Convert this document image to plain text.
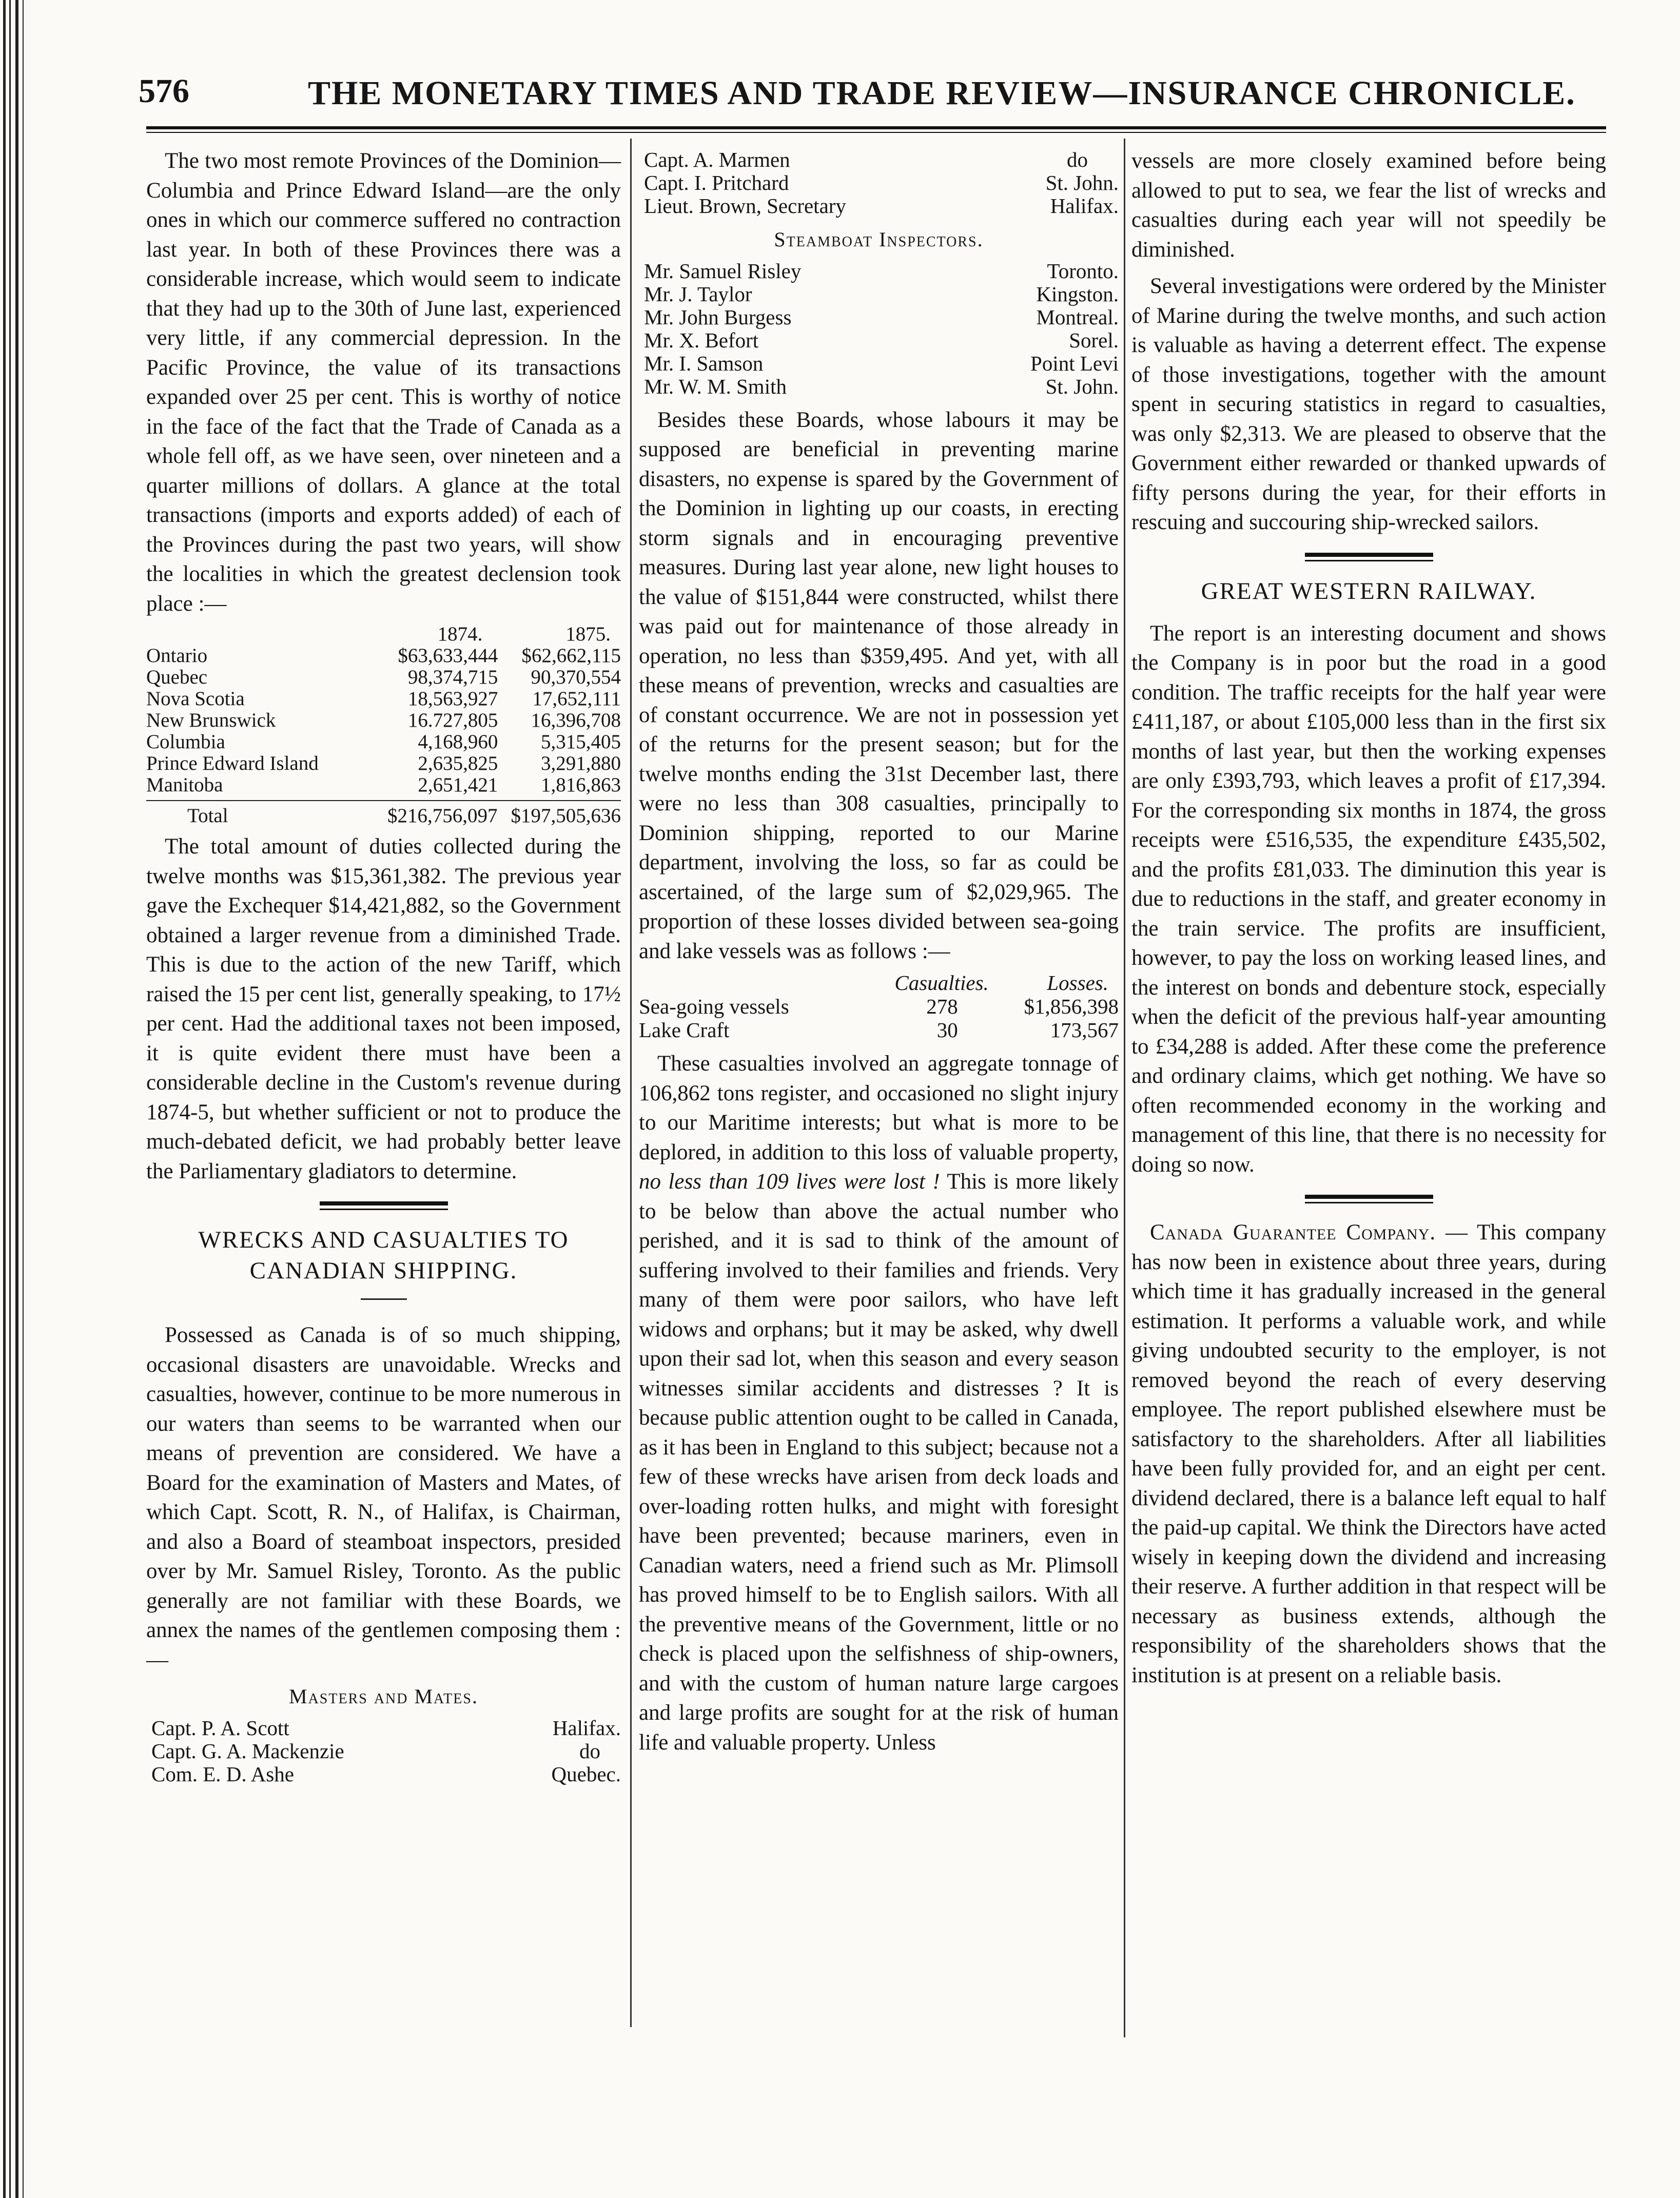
576	THE MONETARY TIMES AND TRADE REVIEW—INSURANCE CHRONICLE.

The two most remote Provinces of the Dominion—Columbia and Prince Edward Island—are the only ones in which our commerce suffered no contraction last year. In both of these Provinces there was a considerable increase, which would seem to indicate that they had up to the 30th of June last, experienced very little, if any commercial depression. In the Pacific Province, the value of its transactions expanded over 25 per cent. This is worthy of notice in the face of the fact that the Trade of Canada as a whole fell off, as we have seen, over nineteen and a quarter millions of dollars. A glance at the total transactions (imports and exports added) of each of the Provinces during the past two years, will show the localities in which the greatest declension took place :—

	1874.	1875.
Ontario	$63,633,444	$62,662,115
Quebec	98,374,715	90,370,554
Nova Scotia	18,563,927	17,652,111
New Brunswick	16.727,805	16,396,708
Columbia	4,168,960	5,315,405
Prince Edward Island	2,635,825	3,291,880
Manitoba	2,651,421	1,816,863
Total	$216,756,097	$197,505,636

The total amount of duties collected during the twelve months was $15,361,382. The previous year gave the Exchequer $14,421,882, so the Government obtained a larger revenue from a diminished Trade. This is due to the action of the new Tariff, which raised the 15 per cent list, generally speaking, to 17½ per cent. Had the additional taxes not been imposed, it is quite evident there must have been a considerable decline in the Custom's revenue during 1874-5, but whether sufficient or not to produce the much-debated deficit, we had probably better leave the Parliamentary gladiators to determine.

WRECKS AND CASUALTIES TO CANADIAN SHIPPING.

Possessed as Canada is of so much shipping, occasional disasters are unavoidable. Wrecks and casualties, however, continue to be more numerous in our waters than seems to be warranted when our means of prevention are considered. We have a Board for the examination of Masters and Mates, of which Capt. Scott, R. N., of Halifax, is Chairman, and also a Board of steamboat inspectors, presided over by Mr. Samuel Risley, Toronto. As the public generally are not familiar with these Boards, we annex the names of the gentlemen composing them :—

Masters and Mates.
Capt. P. A. Scott	Halifax.
Capt. G. A. Mackenzie	do
Com. E. D. Ashe	Quebec.
Capt. A. Marmen	do
Capt. I. Pritchard	St. John.
Lieut. Brown, Secretary	Halifax.
Steamboat Inspectors.
Mr. Samuel Risley	Toronto.
Mr. J. Taylor	Kingston.
Mr. John Burgess	Montreal.
Mr. X. Befort	Sorel.
Mr. I. Samson	Point Levi
Mr. W. M. Smith	St. John.

Besides these Boards, whose labours it may be supposed are beneficial in preventing marine disasters, no expense is spared by the Government of the Dominion in lighting up our coasts, in erecting storm signals and in encouraging preventive measures. During last year alone, new light houses to the value of $151,844 were constructed, whilst there was paid out for maintenance of those already in operation, no less than $359,495. And yet, with all these means of prevention, wrecks and casualties are of constant occurrence. We are not in possession yet of the returns for the present season; but for the twelve months ending the 31st December last, there were no less than 308 casualties, principally to Dominion shipping, reported to our Marine department, involving the loss, so far as could be ascertained, of the large sum of $2,029,965. The proportion of these losses divided between sea-going and lake vessels was as follows :—

	Casualties.	Losses.
Sea-going vessels	278	$1,856,398
Lake Craft	30	173,567

These casualties involved an aggregate tonnage of 106,862 tons register, and occasioned no slight injury to our Maritime interests; but what is more to be deplored, in addition to this loss of valuable property, no less than 109 lives were lost ! This is more likely to be below than above the actual number who perished, and it is sad to think of the amount of suffering involved to their families and friends. Very many of them were poor sailors, who have left widows and orphans; but it may be asked, why dwell upon their sad lot, when this season and every season witnesses similar accidents and distresses ? It is because public attention ought to be called in Canada, as it has been in England to this subject; because not a few of these wrecks have arisen from deck loads and over-loading rotten hulks, and might with foresight have been prevented; because mariners, even in Canadian waters, need a friend such as Mr. Plimsoll has proved himself to be to English sailors. With all the preventive means of the Government, little or no check is placed upon the selfishness of ship-owners, and with the custom of human nature large cargoes and large profits are sought for at the risk of human life and valuable property. Unless

vessels are more closely examined before being allowed to put to sea, we fear the list of wrecks and casualties during each year will not speedily be diminished.

Several investigations were ordered by the Minister of Marine during the twelve months, and such action is valuable as having a deterrent effect. The expense of those investigations, together with the amount spent in securing statistics in regard to casualties, was only $2,313. We are pleased to observe that the Government either rewarded or thanked upwards of fifty persons during the year, for their efforts in rescuing and succouring ship-wrecked sailors.

GREAT WESTERN RAILWAY.

The report is an interesting document and shows the Company is in poor but the road in a good condition. The traffic receipts for the half year were £411,187, or about £105,000 less than in the first six months of last year, but then the working expenses are only £393,793, which leaves a profit of £17,394. For the corresponding six months in 1874, the gross receipts were £516,535, the expenditure £435,502, and the profits £81,033. The diminution this year is due to reductions in the staff, and greater economy in the train service. The profits are insufficient, however, to pay the loss on working leased lines, and the interest on bonds and debenture stock, especially when the deficit of the previous half-year amounting to £34,288 is added. After these come the preference and ordinary claims, which get nothing. We have so often recommended economy in the working and management of this line, that there is no necessity for doing so now.

Canada Guarantee Company. — This company has now been in existence about three years, during which time it has gradually increased in the general estimation. It performs a valuable work, and while giving undoubted security to the employer, is not removed beyond the reach of every deserving employee. The report published elsewhere must be satisfactory to the shareholders. After all liabilities have been fully provided for, and an eight per cent. dividend declared, there is a balance left equal to half the paid-up capital. We think the Directors have acted wisely in keeping down the dividend and increasing their reserve. A further addition in that respect will be necessary as business extends, although the responsibility of the shareholders shows that the institution is at present on a reliable basis.
